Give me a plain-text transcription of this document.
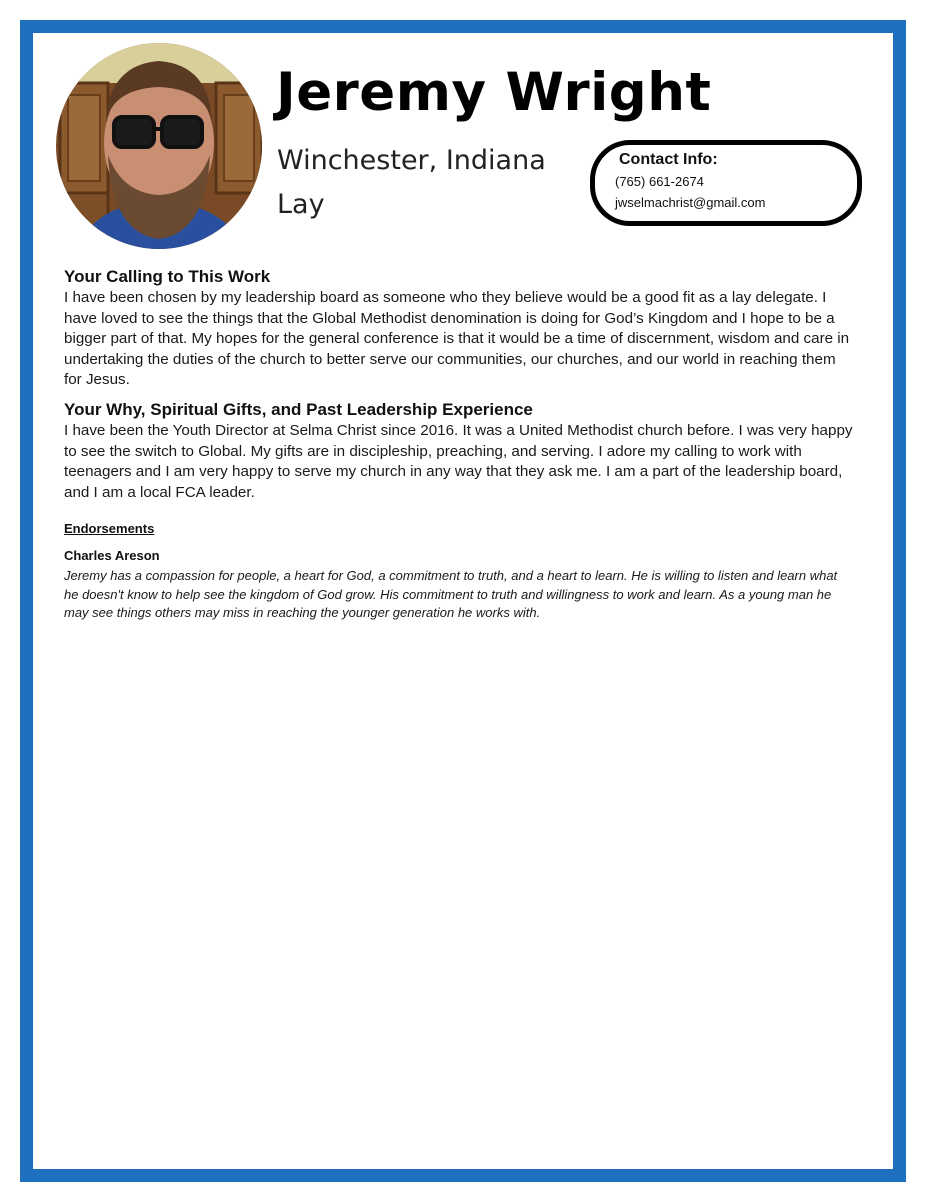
Jeremy Wright
Winchester, Indiana
Lay
Contact Info:
(765) 661-2674
jwselmachrist@gmail.com
Your Calling to This Work

I have been chosen by my leadership board as someone who they believe would be a good fit as a lay delegate. I have loved to see the things that the Global Methodist denomination is doing for God’s Kingdom and I hope to be a bigger part of that. My hopes for the general conference is that it would be a time of discernment, wisdom and care in undertaking the duties of the church to better serve our communities, our churches, and our world in reaching them for Jesus.

Your Why, Spiritual Gifts, and Past Leadership Experience

I have been the Youth Director at Selma Christ since 2016. It was a United Methodist church before. I was very happy to see the switch to Global. My gifts are in discipleship, preaching, and serving. I adore my calling to work with teenagers and I am very happy to serve my church in any way that they ask me. I am a part of the leadership board, and I am a local FCA leader.

Endorsements
Charles Areson

Jeremy has a compassion for people, a heart for God, a commitment to truth, and a heart to learn. He is willing to listen and learn what he doesn't know to help see the kingdom of God grow. His commitment to truth and willingness to work and learn. As a young man he may see things others may miss in reaching the younger generation he works with.
